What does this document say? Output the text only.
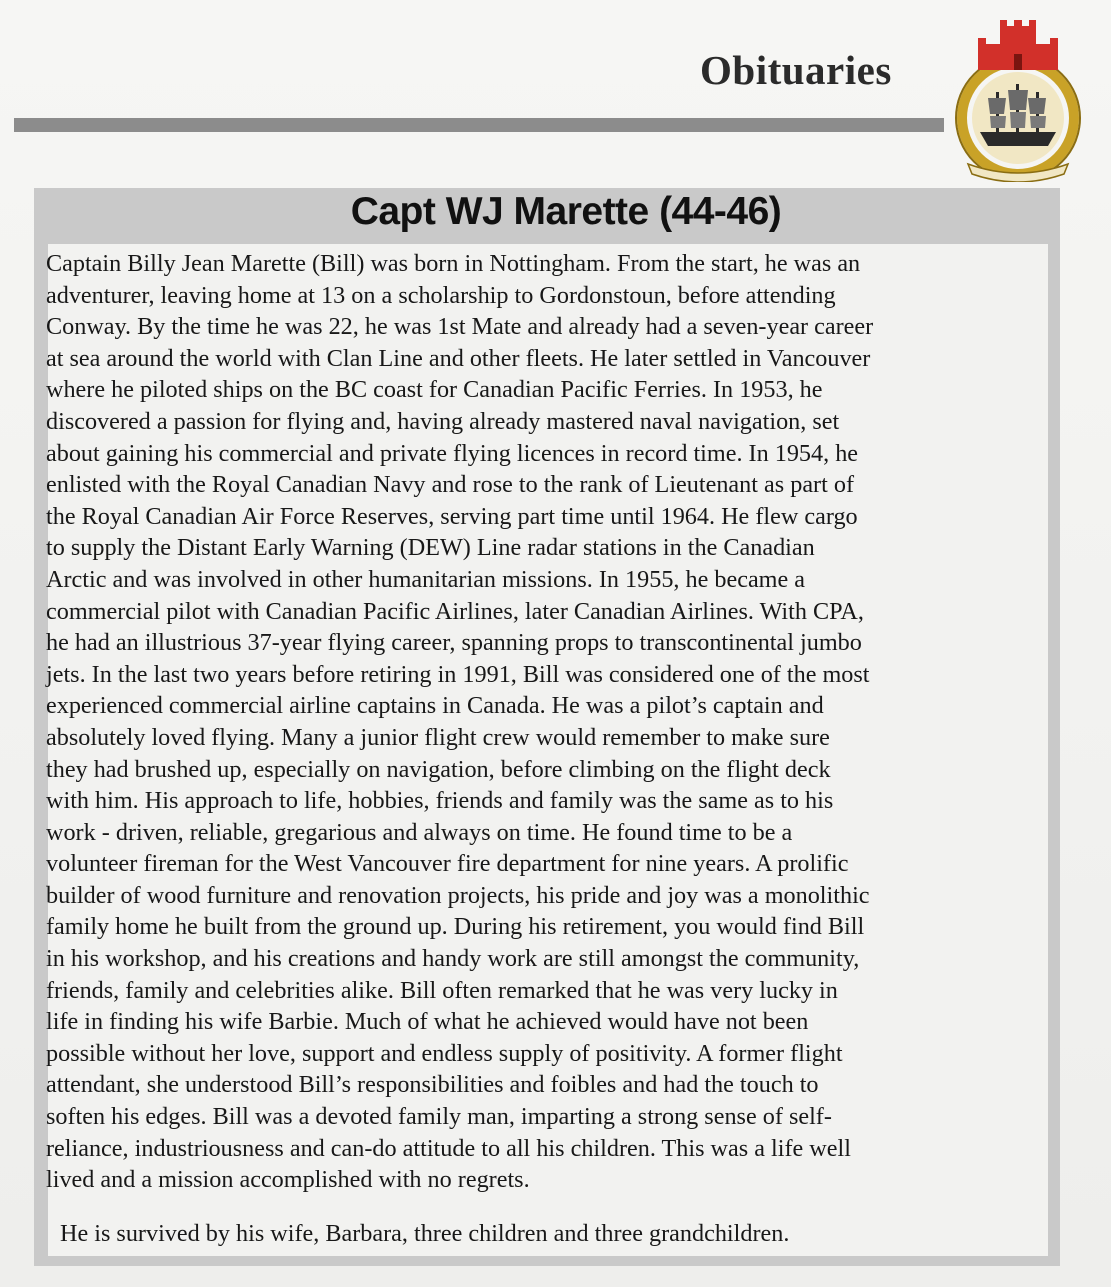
Obituaries
Capt WJ Marette (44-46)
Captain Billy Jean Marette (Bill) was born in Nottingham. From the start, he was an
adventurer, leaving home at 13 on a scholarship to Gordonstoun, before attending
Conway. By the time he was 22, he was 1st Mate and already had a seven-year career
at sea around the world with Clan Line and other fleets. He later settled in Vancouver
where he piloted ships on the BC coast for Canadian Pacific Ferries. In 1953, he
discovered a passion for flying and, having already mastered naval navigation, set
about gaining his commercial and private flying licences in record time. In 1954, he
enlisted with the Royal Canadian Navy and rose to the rank of Lieutenant as part of
the Royal Canadian Air Force Reserves, serving part time until 1964. He flew cargo
to supply the Distant Early Warning (DEW) Line radar stations in the Canadian
Arctic and was involved in other humanitarian missions. In 1955, he became a
commercial pilot with Canadian Pacific Airlines, later Canadian Airlines. With CPA,
he had an illustrious 37-year flying career, spanning props to transcontinental jumbo
jets. In the last two years before retiring in 1991, Bill was considered one of the most
experienced commercial airline captains in Canada. He was a pilot’s captain and
absolutely loved flying. Many a junior flight crew would remember to make sure
they had brushed up, especially on navigation, before climbing on the flight deck
with him. His approach to life, hobbies, friends and family was the same as to his
work - driven, reliable, gregarious and always on time. He found time to be a
volunteer fireman for the West Vancouver fire department for nine years. A prolific
builder of wood furniture and renovation projects, his pride and joy was a monolithic
family home he built from the ground up. During his retirement, you would find Bill
in his workshop, and his creations and handy work are still amongst the community,
friends, family and celebrities alike. Bill often remarked that he was very lucky in
life in finding his wife Barbie. Much of what he achieved would have not been
possible without her love, support and endless supply of positivity. A former flight
attendant, she understood Bill’s responsibilities and foibles and had the touch to
soften his edges. Bill was a devoted family man, imparting a strong sense of self-
reliance, industriousness and can-do attitude to all his children. This was a life well
lived and a mission accomplished with no regrets.
He is survived by his wife, Barbara, three children and three grandchildren.
